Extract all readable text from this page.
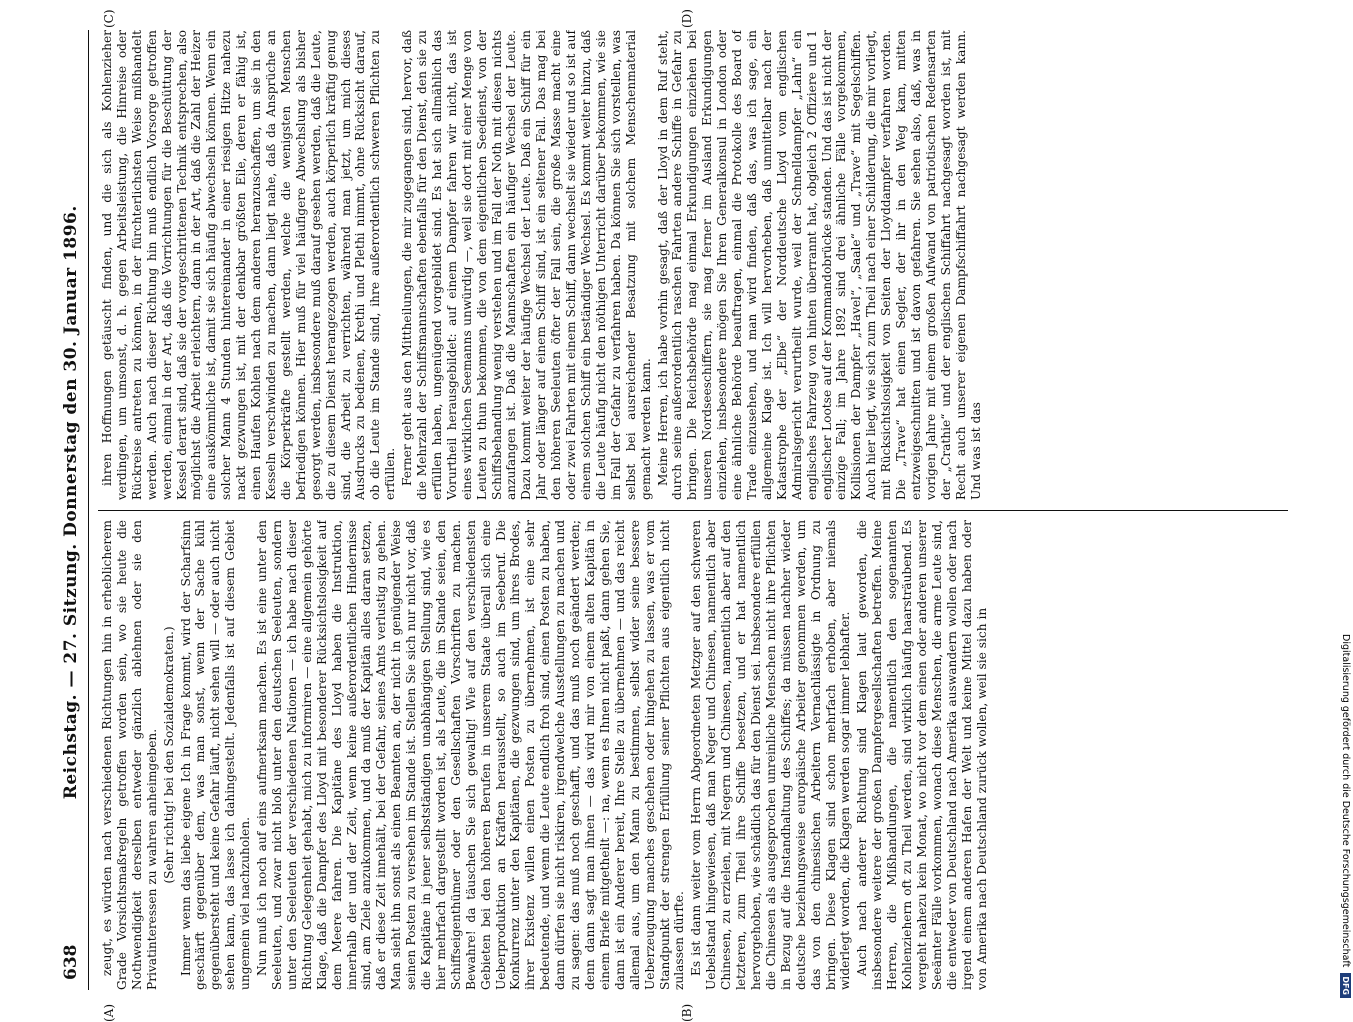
638
Reichstag. — 27. Sitzung. Donnerstag den 30. Januar 1896.
(A)	(B)
(C)	(D)

zeugt, es würden nach verschiedenen Richtungen hin in erheblicherem Grade Vorsichtsmaßregeln getroffen worden sein, wo sie heute die Nothwendigkeit derselben entweder gänzlich ablehnen oder sie den Privatinteressen zu wahren anheimgeben. (Sehr richtig! bei den Sozialdemokraten.) Immer wenn das liebe eigene Ich in Frage kommt, wird der Scharfsinn geschärft gegenüber dem, was man sonst, wenn der Sache kühl gegenübersteht und keine Gefahr läuft, nicht sehen will — oder auch nicht sehen kann, das lasse ich dahingestellt. Jedenfalls ist auf diesem Gebiet ungemein viel nachzuholen. Nun muß ich noch auf eins aufmerksam machen. Es ist eine unter den Seeleuten, und zwar nicht bloß unter den deutschen Seeleuten, sondern unter den Seeleuten der verschiedenen Nationen — ich habe nach dieser Richtung Gelegenheit gehabt, mich zu informiren — eine allgemein gehörte Klage, daß die Dampfer des Lloyd mit besonderer Rücksichtslosigkeit auf dem Meere fahren. Die Kapitäne des Lloyd haben die Instruktion, innerhalb der und der Zeit, wenn keine außerordentlichen Hindernisse sind, am Ziele anzukommen, und da muß der Kapitän alles daran setzen, daß er diese Zeit innehält, bei der Gefahr, seines Amts verlustig zu gehen. Man sieht ihn sonst als einen Beamten an, der nicht in genügender Weise seinen Posten zu versehen im Stande ist. Stellen Sie sich nur nicht vor, daß die Kapitäne in jener selbstständigen unabhängigen Stellung sind, wie es hier mehrfach dargestellt worden ist, als Leute, die im Stande seien, den Schiffseigenthümer oder den Gesellschaften Vorschriften zu machen. Bewahre! da täuschen Sie sich gewaltig! Wie auf den verschiedensten Gebieten bei den höheren Berufen in unserem Staate überall sich eine Ueberproduktion an Kräften herausstellt, so auch im Seeberuf. Die Konkurrenz unter den Kapitänen, die gezwungen sind, um ihres Brodes, ihrer Existenz willen einen Posten zu übernehmen, ist eine sehr bedeutende, und wenn die Leute endlich froh sind, einen Posten zu haben, dann dürfen sie nicht riskiren, irgendwelche Ausstellungen zu machen und zu sagen: das muß noch geschafft, und das muß noch geändert werden; denn dann sagt man ihnen — das wird mir von einem alten Kapitän in einem Briefe mitgetheilt —: na, wenn es Ihnen nicht paßt, dann gehen Sie, dann ist ein Anderer bereit, Ihre Stelle zu übernehmen — und das reicht allemal aus, um den Mann zu bestimmen, selbst wider seine bessere Ueberzeugung manches geschehen oder hingehen zu lassen, was er vom Standpunkt der strengen Erfüllung seiner Pflichten aus eigentlich nicht zulassen dürfte. Es ist dann weiter vom Herrn Abgeordneten Metzger auf den schweren Uebelstand hingewiesen, daß man Neger und Chinesen, namentlich aber Chinesen, zu erzielen, mit Negern und Chinesen, namentlich aber auf den letzteren, zum Theil ihre Schiffe besetzen, und er hat namentlich hervorgehoben, wie schädlich das für den Dienst sei. Insbesondere erfüllen die Chinesen als ausgesprochen unreinliche Menschen nicht ihre Pflichten in Bezug auf die Instandhaltung des Schiffes; da müssen nachher wieder deutsche beziehungsweise europäische Arbeiter genommen werden, um das von den chinesischen Arbeitern Vernachlässigte in Ordnung zu bringen. Diese Klagen sind schon mehrfach erhoben, aber niemals widerlegt worden, die Klagen werden sogar immer lebhafter. Auch nach anderer Richtung sind Klagen laut geworden, die insbesondere weitere der großen Dampfergesellschaften betreffen. Meine Herren, die Mißhandlungen, die namentlich den sogenannten Kohlenziehern oft zu Theil werden, sind wirklich häufig haarsträubend. Es vergeht nahezu kein Monat, wo nicht vor dem einen oder anderen unserer Seeämter Fälle vorkommen, wonach diese Menschen, die arme Leute sind, die entweder von Deutschland nach Amerika auswandern wollen oder nach irgend einem anderen Hafen der Welt und keine Mittel dazu haben oder von Amerika nach Deutschland zurück wollen, weil sie sich in

ihren Hoffnungen getäuscht finden, und die sich als Kohlenzieher verdingen, um umsonst, d. h. gegen Arbeitsleistung, die Hinreise oder Rückreise antreten zu können, in der fürchterlichsten Weise mißhandelt werden. Auch nach dieser Richtung hin muß endlich Vorsorge getroffen werden, einmal in der Art, daß die Vorrichtungen für die Beschüttung der Kessel derart sind, daß sie der vorgeschrittenen Technik entsprechen, also möglichst die Arbeit erleichtern, dann in der Art, daß die Zahl der Heizer eine auskömmliche ist, damit sie sich häufig abwechseln können. Wenn ein solcher Mann 4 Stunden hintereinander in einer riesigen Hitze nahezu nackt gezwungen ist, mit der denkbar größten Eile, deren er fähig ist, einen Haufen Kohlen nach dem anderen heranzuschaffen, um sie in den Kesseln verschwinden zu machen, dann liegt nahe, daß da Ansprüche an die Körperkräfte gestellt werden, welche die wenigsten Menschen befriedigen können. Hier muß für viel häufigere Abwechslung als bisher gesorgt werden, insbesondere muß darauf gesehen werden, daß die Leute, die zu diesem Dienst herangezogen werden, auch körperlich kräftig genug sind, die Arbeit zu verrichten, während man jetzt, um mich dieses Ausdrucks zu bedienen, Krethi und Plethi nimmt, ohne Rücksicht darauf, ob die Leute im Stande sind, ihre außerordentlich schweren Pflichten zu erfüllen. Ferner geht aus den Mittheilungen, die mir zugegangen sind, hervor, daß die Mehrzahl der Schiffsmannschaften ebenfalls für den Dienst, den sie zu erfüllen haben, ungenügend vorgebildet sind. Es hat sich allmählich das Vorurtheil herausgebildet: auf einem Dampfer fahren wir nicht, das ist eines wirklichen Seemanns unwürdig —, weil sie dort mit einer Menge von Leuten zu thun bekommen, die von dem eigentlichen Seedienst, von der Schiffsbehandlung wenig verstehen und im Fall der Noth mit diesen nichts anzufangen ist. Daß die Mannschaften ein häufiger Wechsel der Leute. Dazu kommt weiter der häufige Wechsel der Leute. Daß ein Schiff für ein Jahr oder länger auf einem Schiff sind, ist ein seltener Fall. Das mag bei den höheren Seeleuten öfter der Fall sein, die große Masse macht eine oder zwei Fahrten mit einem Schiff, dann wechselt sie wieder und so ist auf einem solchen Schiff ein beständiger Wechsel. Es kommt weiter hinzu, daß die Leute häufig nicht den nöthigen Unterricht darüber bekommen, wie sie im Fall der Gefahr zu verfahren haben. Da können Sie sich vorstellen, was selbst bei ausreichender Besatzung mit solchem Menschenmaterial gemacht werden kann. Meine Herren, ich habe vorhin gesagt, daß der Lloyd in dem Ruf steht, durch seine außerordentlich raschen Fahrten andere Schiffe in Gefahr zu bringen. Die Reichsbehörde mag einmal Erkundigungen einziehen bei unseren Nordseeschiffern, sie mag ferner im Ausland Erkundigungen einziehen, insbesondere mögen Sie Ihren Generalkonsul in London oder eine ähnliche Behörde beauftragen, einmal die Protokolle des Board of Trade einzusehen, und man wird finden, daß das, was ich sage, ein allgemeine Klage ist. Ich will hervorheben, daß unmittelbar nach der Katastrophe der „Elbe“ der Norddeutsche Lloyd vom englischen Admiralsgericht verurtheilt wurde, weil der Schnelldampfer „Lahn“ ein englisches Fahrzeug von hinten überrannt hat, obgleich 2 Offiziere und 1 englischer Lootse auf der Kommandobrücke standen. Und das ist nicht der einzige Fall; im Jahre 1892 sind drei ähnliche Fälle vorgekommen, Kollisionen der Dampfer „Havel“, „Saale“ und „Trave“ mit Segelschiffen. Auch hier liegt, wie sich zum Theil nach einer Schilderung, die mir vorliegt, mit Rücksichtslosigkeit von Seiten der Lloyddampfer verfahren worden. Die „Trave“ hat einen Segler, der ihr in den Weg kam, mitten entzweigeschnitten und ist davon gefahren. Sie sehen also, daß, was in vorigen Jahre mit einem großen Aufwand von patriotischen Redensarten der „Crathie“ und der englischen Schiffahrt nachgesagt worden ist, mit Recht auch unserer eigenen Dampfschiffahrt nachgesagt werden kann. Und was ist das

Digitalisierung gefördert durch die Deutsche Forschungsgemeinschaft
DFG
